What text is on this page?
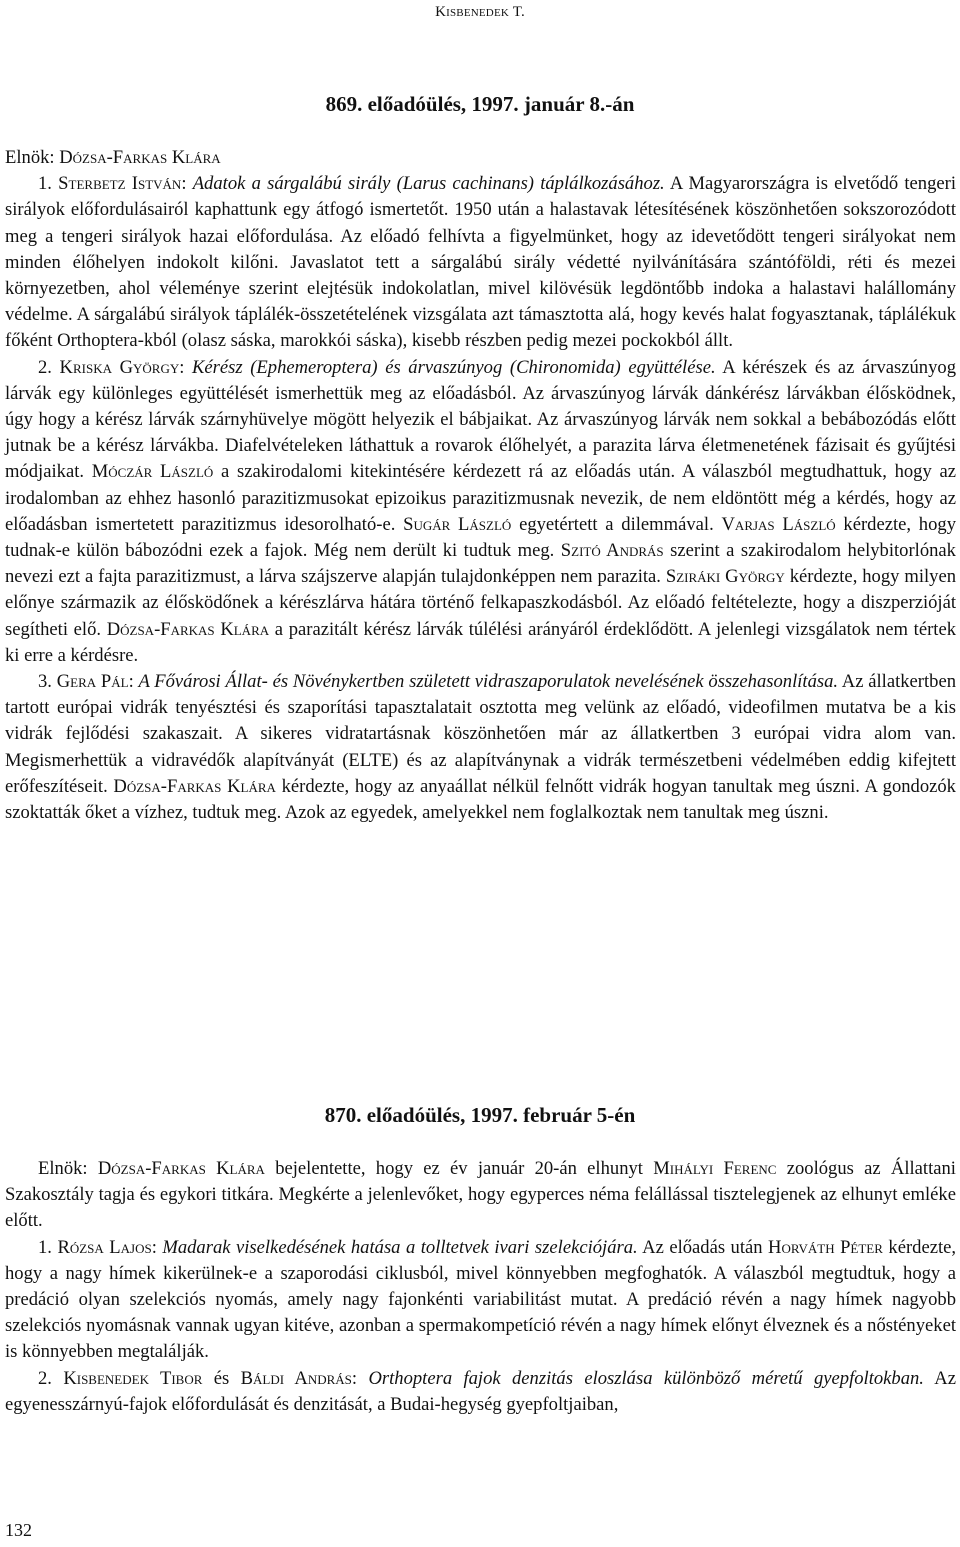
Kisbenedek T.
869. előadóülés, 1997. január 8.-án

Elnök: Dózsa-Farkas Klára

1. Sterbetz István: Adatok a sárgalábú sirály (Larus cachinans) táplálkozásához. A Magyarországra is elvetődő tengeri sirályok előfordulásairól kaphattunk egy átfogó ismertetőt. 1950 után a halastavak létesítésének köszönhetően sokszorozódott meg a tengeri sirályok hazai előfordulása. Az előadó felhívta a figyelmünket, hogy az idevetődött tengeri sirályokat nem minden élőhelyen indokolt kilőni. Javaslatot tett a sárgalábú sirály védetté nyilvánítására szántóföldi, réti és mezei környezetben, ahol véleménye szerint elejtésük indokolatlan, mivel kilövésük legdöntőbb indoka a halastavi halállomány védelme. A sárgalábú sirályok táplálék-összetételének vizsgálata azt támasztotta alá, hogy kevés halat fogyasztanak, táplálékuk főként Orthoptera-kból (olasz sáska, marokkói sáska), kisebb részben pedig mezei pockokból állt.

2. Kriska György: Kérész (Ephemeroptera) és árvaszúnyog (Chironomida) együttélése. A kérészek és az árvaszúnyog lárvák egy különleges együttélését ismerhettük meg az előadásból. Az árvaszúnyog lárvák dánkérész lárvákban élősködnek, úgy hogy a kérész lárvák szárnyhüvelye mögött helyezik el bábjaikat. Az árvaszúnyog lárvák nem sokkal a bebábozódás előtt jutnak be a kérész lárvákba. Diafelvételeken láthattuk a rovarok élőhelyét, a parazita lárva életmenetének fázisait és gyűjtési módjaikat. Móczár László a szakirodalomi kitekintésére kérdezett rá az előadás után. A válaszból megtudhattuk, hogy az irodalomban az ehhez hasonló parazitizmusokat epizoikus parazitizmusnak nevezik, de nem eldöntött még a kérdés, hogy az előadásban ismertetett parazitizmus idesorolható-e. Sugár László egyetértett a dilemmával. Varjas László kérdezte, hogy tudnak-e külön bábozódni ezek a fajok. Még nem derült ki tudtuk meg. Szitó András szerint a szakirodalom helybitorlónak nevezi ezt a fajta parazitizmust, a lárva szájszerve alapján tulajdonképpen nem parazita. Sziráki György kérdezte, hogy milyen előnye származik az élősködőnek a kérészlárva hátára történő felkapaszkodásból. Az előadó feltételezte, hogy a diszperzióját segítheti elő. Dózsa-Farkas Klára a parazitált kérész lárvák túlélési arányáról érdeklődött. A jelenlegi vizsgálatok nem tértek ki erre a kérdésre.

3. Gera Pál: A Fővárosi Állat- és Növénykertben született vidraszaporulatok nevelésének összehasonlítása. Az állatkertben tartott európai vidrák tenyésztési és szaporítási tapasztalatait osztotta meg velünk az előadó, videofilmen mutatva be a kis vidrák fejlődési szakaszait. A sikeres vidratartásnak köszönhetően már az állatkertben 3 európai vidra alom van. Megismerhettük a vidravédők alapítványát (ELTE) és az alapítványnak a vidrák természetbeni védelmében eddig kifejtett erőfeszítéseit. Dózsa-Farkas Klára kérdezte, hogy az anyaállat nélkül felnőtt vidrák hogyan tanultak meg úszni. A gondozók szoktatták őket a vízhez, tudtuk meg. Azok az egyedek, amelyekkel nem foglalkoztak nem tanultak meg úszni.

870. előadóülés, 1997. február 5-én

Elnök: Dózsa-Farkas Klára bejelentette, hogy ez év január 20-án elhunyt Mihályi Ferenc zoológus az Állattani Szakosztály tagja és egykori titkára. Megkérte a jelenlevőket, hogy egyperces néma felállással tisztelegjenek az elhunyt emléke előtt.

1. Rózsa Lajos: Madarak viselkedésének hatása a tolltetvek ivari szelekciójára. Az előadás után Horváth Péter kérdezte, hogy a nagy hímek kikerülnek-e a szaporodási ciklusból, mivel könnyebben megfoghatók. A válaszból megtudtuk, hogy a predáció olyan szelekciós nyomás, amely nagy fajonkénti variabilitást mutat. A predáció révén a nagy hímek nagyobb szelekciós nyomásnak vannak ugyan kitéve, azonban a spermakompetíció révén a nagy hímek előnyt élveznek és a nőstényeket is könnyebben megtalálják.

2. Kisbenedek Tibor és Báldi András: Orthoptera fajok denzitás eloszlása különböző méretű gyepfoltokban. Az egyenesszárnyú-fajok előfordulását és denzitását, a Budai-hegység gyepfoltjaiban,

132
